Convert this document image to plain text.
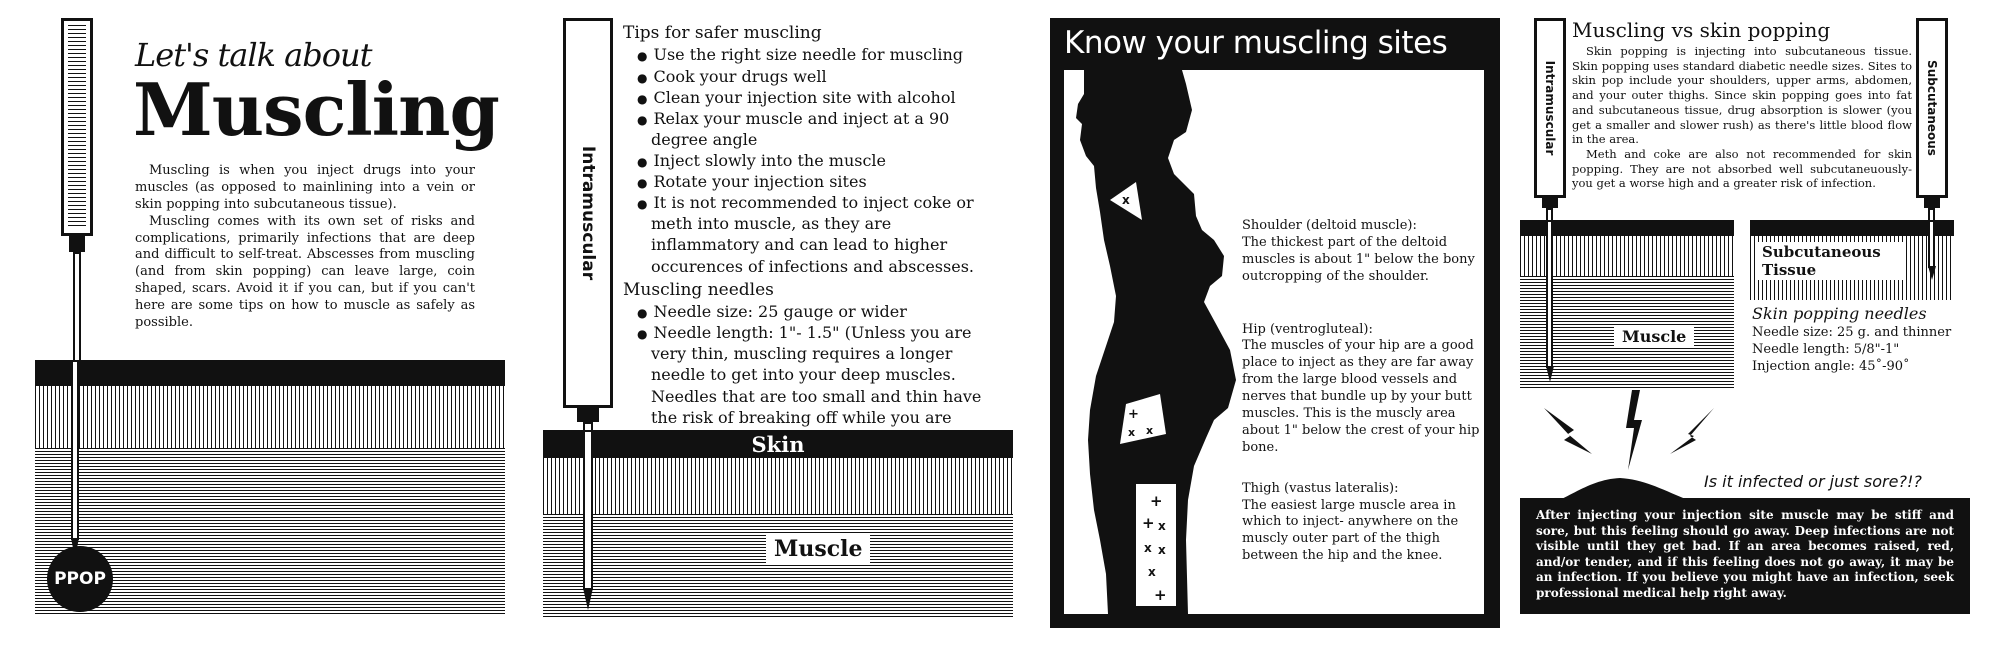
Let's talk about
Muscling

Muscling is when you inject drugs into your muscles (as opposed to mainlining into a vein or skin popping into subcutaneous tissue).

Muscling comes with its own set of risks and complications, primarily infections that are deep and difficult to self-treat. Abscesses from muscling (and from skin popping) can leave large, coin shaped, scars. Avoid it if you can, but if you can't here are some tips on how to muscle as safely as possible.

PPOP
Intramuscular
Tips for safer muscling
● Use the right size needle for muscling
● Cook your drugs well
● Clean your injection site with alcohol
● Relax your muscle and inject at a 90 degree angle
● Inject slowly into the muscle
● Rotate your injection sites
● It is not recommended to inject coke or meth into muscle, as they are inflammatory and can lead to higher occurences of infections and abscesses.
Muscling needles
● Needle size: 25 gauge or wider
● Needle length: 1"- 1.5" (Unless you are very thin, muscling requires a longer needle to get into your deep muscles. Needles that are too small and thin have the risk of breaking off while you are
Skin
Muscle
Know your muscling sites
x
+
x x
+
+ x
x x
x
+

Shoulder (deltoid muscle):

The thickest part of the deltoid muscles is about 1" below the bony outcropping of the shoulder.

Hip (ventrogluteal):

The muscles of your hip are a good place to inject as they are far away from the large blood vessels and nerves that bundle up by your butt muscles. This is the muscly area about 1" below the crest of your hip bone.

Thigh (vastus lateralis):

The easiest large muscle area in which to inject- anywhere on the muscly outer part of the thigh between the hip and the knee.

Intramuscular	Subcutaneous
Muscling vs skin popping

Skin popping is injecting into subcutaneous tissue. Skin popping uses standard diabetic needle sizes. Sites to skin pop include your shoulders, upper arms, abdomen, and your outer thighs. Since skin popping goes into fat and subcutaneous tissue, drug absorption is slower (you get a smaller and slower rush) as there's little blood flow in the area.

Meth and coke are also not recommended for skin popping. They are not absorbed well subcutaneuously- you get a worse high and a greater risk of infection.

Muscle
Subcutaneous Tissue
Skin popping needles
Needle size: 25 g. and thinner
Needle length: 5/8"-1"
Injection angle: 45˚-90˚
Is it infected or just sore?!?

After injecting your injection site muscle may be stiff and sore, but this feeling should go away. Deep infections are not visible until they get bad. If an area becomes raised, red, and/or tender, and if this feeling does not go away, it may be an infection. If you believe you might have an infection, seek professional medical help right away.
